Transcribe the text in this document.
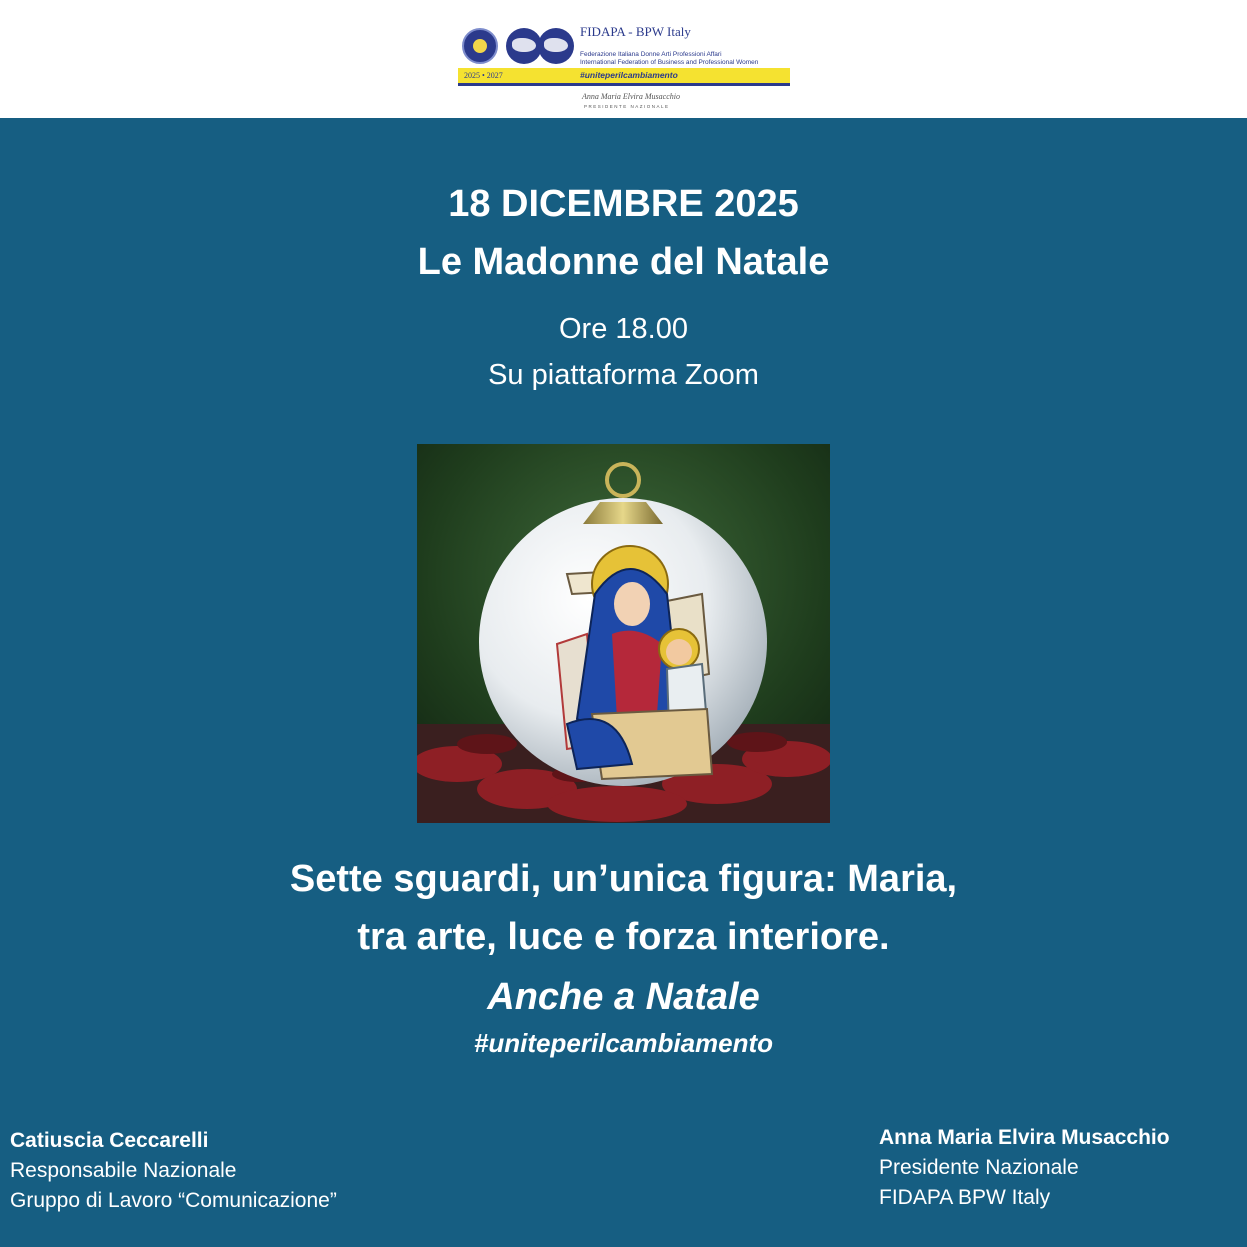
FIDAPA - BPW Italy
Federazione Italiana Donne Arti Professioni Affari
International Federation of Business and Professional Women
2025 • 2027	#uniteperilcambiamento
Anna Maria Elvira Musacchio
PRESIDENTE NAZIONALE
18 DICEMBRE 2025
Le Madonne del Natale
Ore 18.00
Su piattaforma Zoom
Sette sguardi, un’unica figura: Maria,
tra arte, luce e forza interiore.
Anche a Natale
#uniteperilcambiamento
Catiuscia Ceccarelli
Responsabile Nazionale
Gruppo di Lavoro “Comunicazione”
Anna Maria Elvira Musacchio
Presidente Nazionale
FIDAPA BPW Italy
